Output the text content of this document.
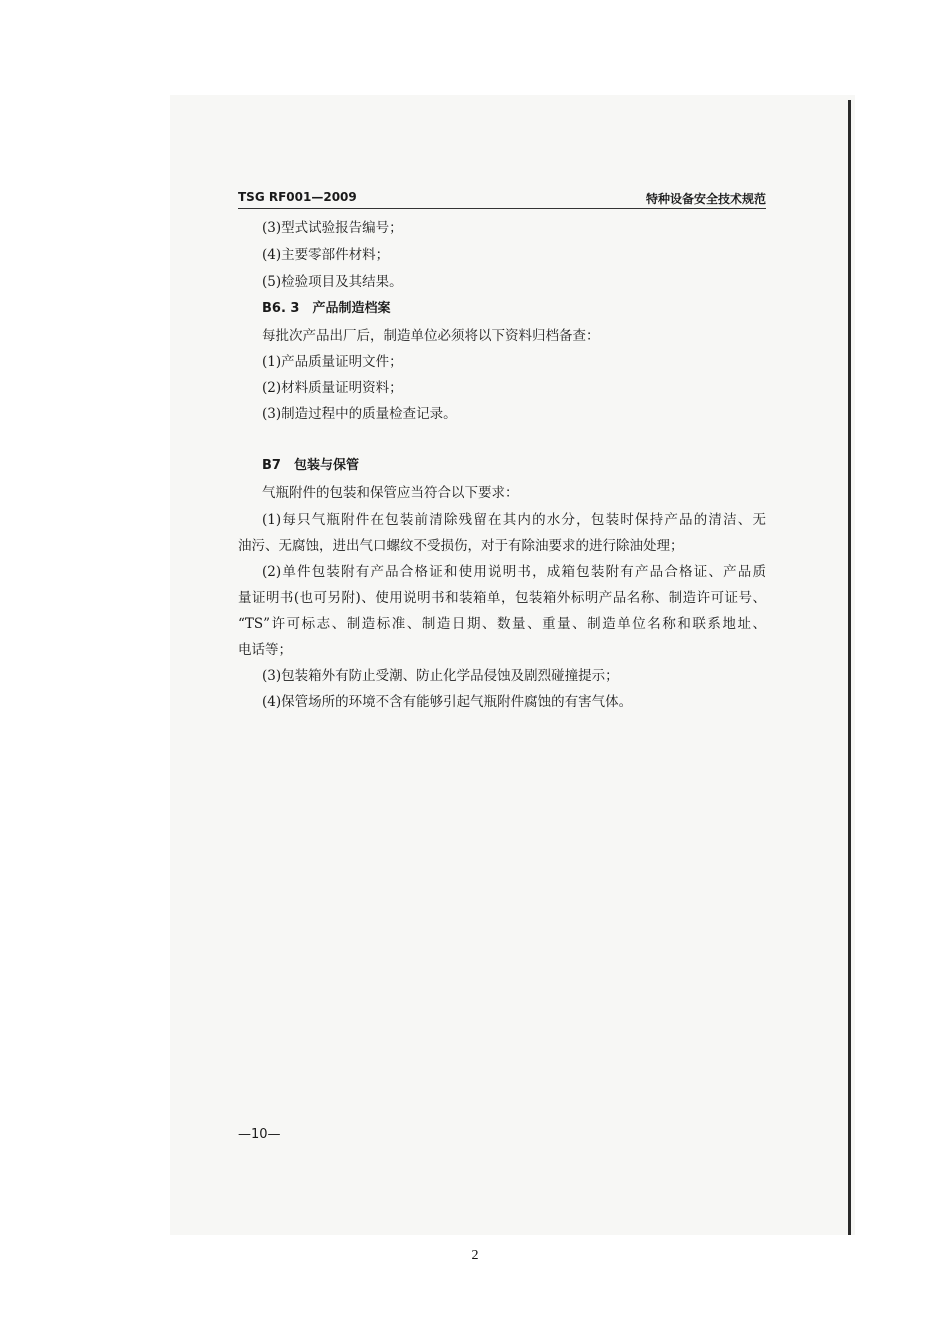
TSG RF001—2009	特种设备安全技术规范
(3)型式试验报告编号；
(4)主要零部件材料；
(5)检验项目及其结果。
B6. 3　产品制造档案
每批次产品出厂后，制造单位必须将以下资料归档备查：
(1)产品质量证明文件；
(2)材料质量证明资料；
(3)制造过程中的质量检查记录。
B7　包装与保管
气瓶附件的包装和保管应当符合以下要求：
(1)每只气瓶附件在包装前清除残留在其内的水分，包装时保持产品的清洁、无
油污、无腐蚀，进出气口螺纹不受损伤，对于有除油要求的进行除油处理；
(2)单件包装附有产品合格证和使用说明书，成箱包装附有产品合格证、产品质
量证明书(也可另附)、使用说明书和装箱单，包装箱外标明产品名称、制造许可证号、
“TS”许可标志、制造标准、制造日期、数量、重量、制造单位名称和联系地址、
电话等；
(3)包装箱外有防止受潮、防止化学品侵蚀及剧烈碰撞提示；
(4)保管场所的环境不含有能够引起气瓶附件腐蚀的有害气体。
—10—
2
